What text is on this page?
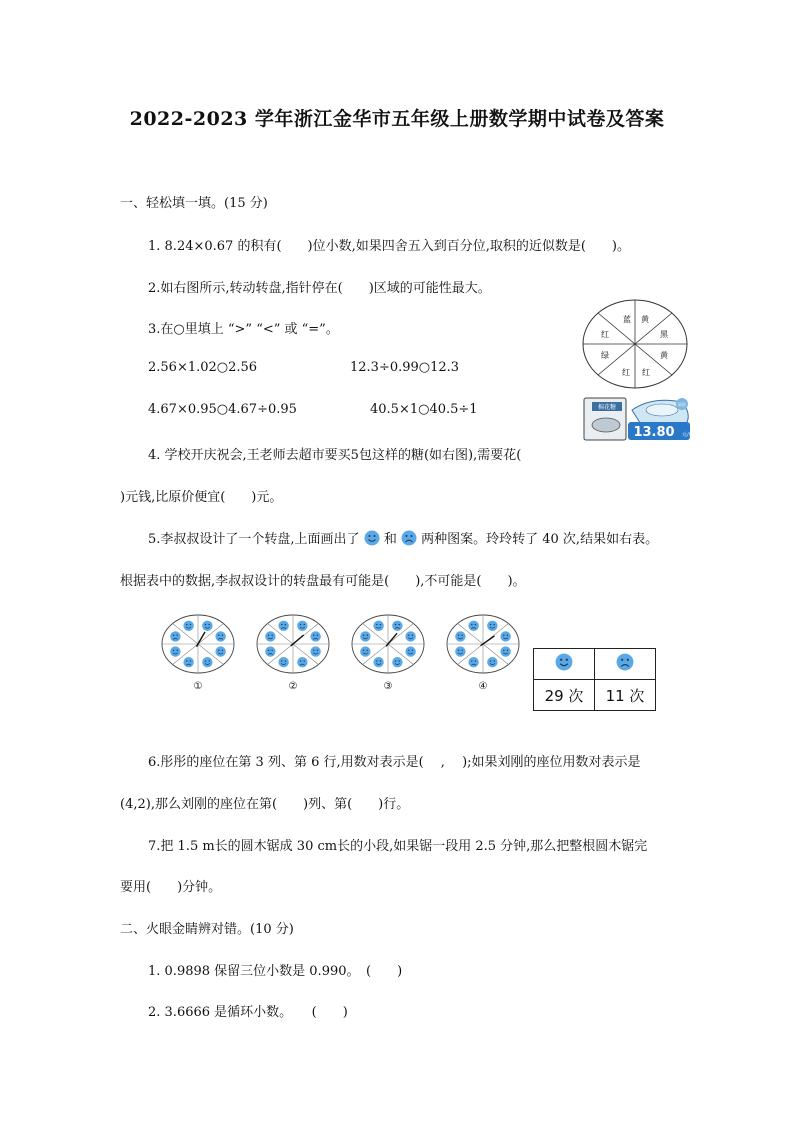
2022-2023 学年浙江金华市五年级上册数学期中试卷及答案
一、轻松填一填。(15 分)
1. 8.24×0.67 的积有(　　)位小数,如果四舍五入到百分位,取积的近似数是(　　)。
2.如右图所示,转动转盘,指针停在(　　)区域的可能性最大。
3.在○里填上 “>” “<” 或 “=”。
2.56×1.02○2.56	12.3÷0.99○12.3
4.67×0.95○4.67÷0.95	40.5×1○40.5÷1
蓝 黄
黑
黄
红
红
绿
红
棉花糖	原价
13.80 元/包
4. 学校开庆祝会,王老师去超市要买5包这样的糖(如右图),需要花(
)元钱,比原价便宜(　　)元。
5.李叔叔设计了一个转盘,上面画出了 和 两种图案。玲玲转了 40 次,结果如右表。
根据表中的数据,李叔叔设计的转盘最有可能是(　　),不可能是(　　)。
①	②	③	④
		29 次	11 次
6.彤彤的座位在第 3 列、第 6 行,用数对表示是(　 ,　 );如果刘刚的座位用数对表示是
(4,2),那么刘刚的座位在第(　　)列、第(　　)行。
7.把 1.5 m长的圆木锯成 30 cm长的小段,如果锯一段用 2.5 分钟,那么把整根圆木锯完
要用(　　)分钟。
二、火眼金睛辨对错。(10 分)
1. 0.9898 保留三位小数是 0.990。　(　　)
2. 3.6666 是循环小数。　　(　　)
